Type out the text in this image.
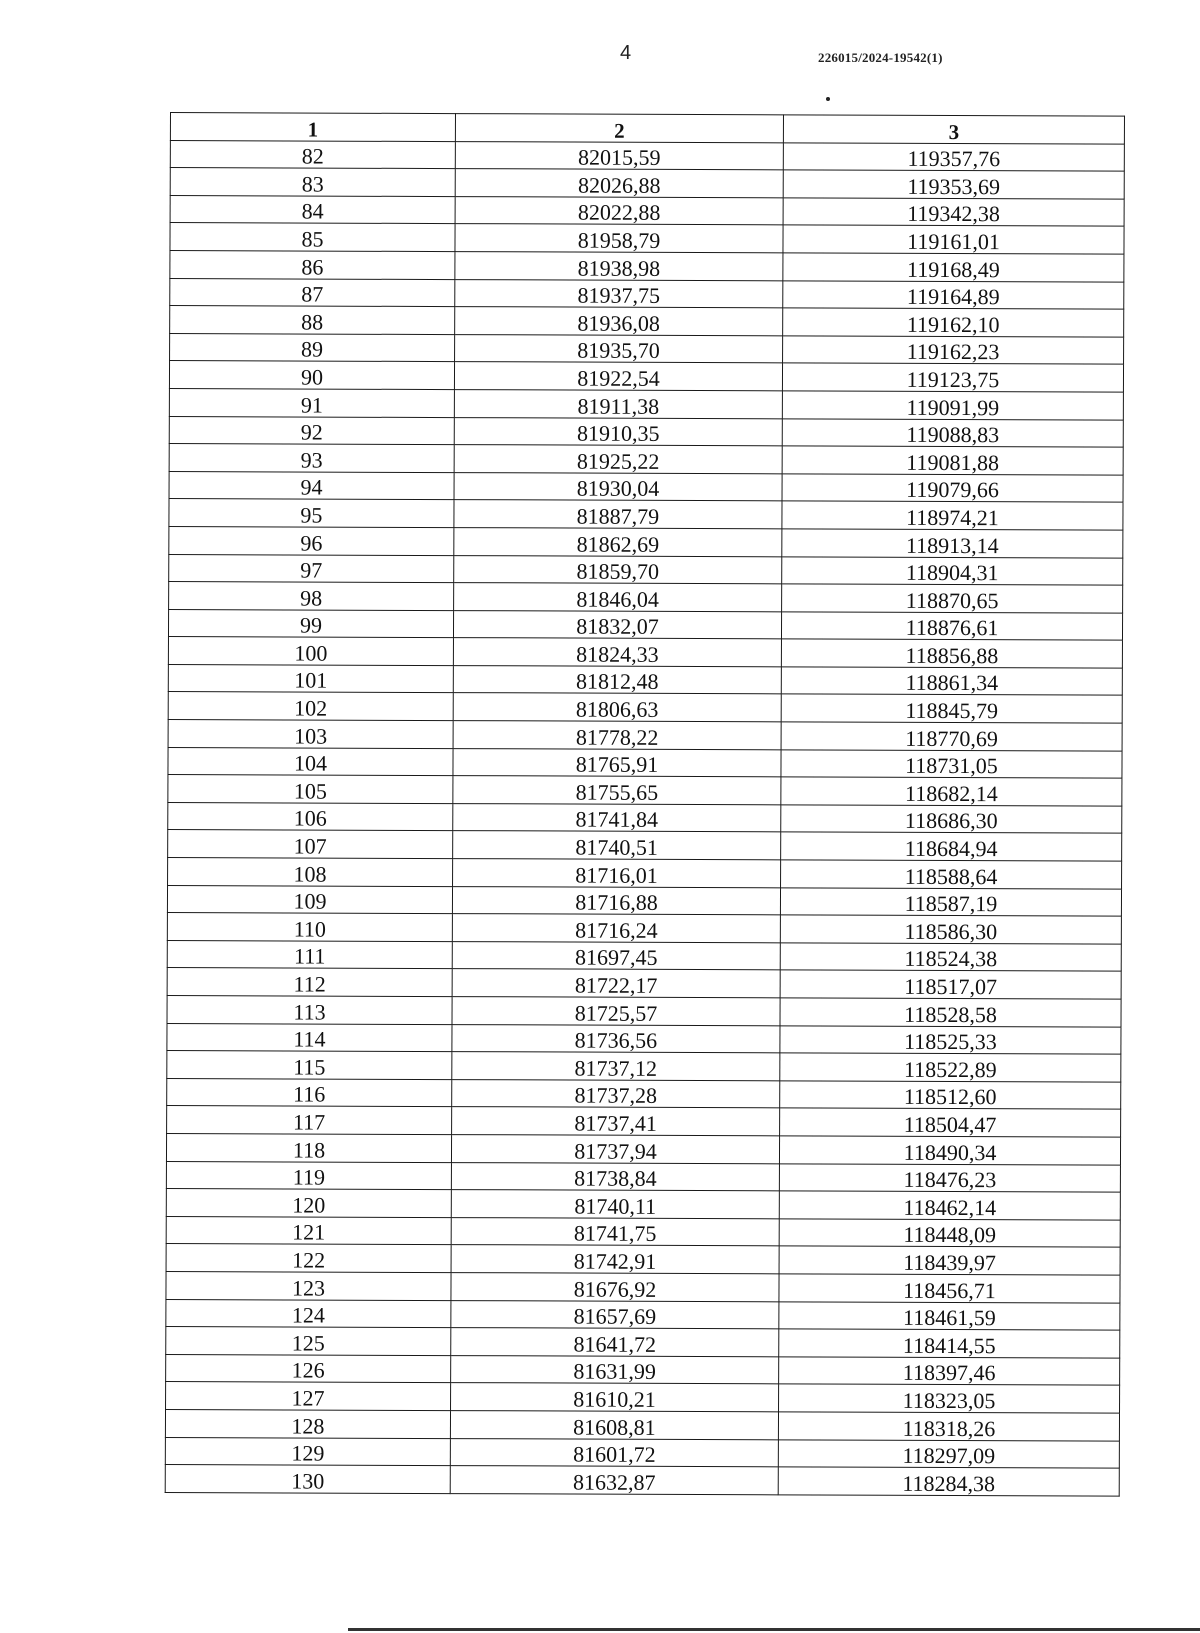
4	226015/2024-19542(1)
1	2	3
82	82015,59	119357,76
83	82026,88	119353,69
84	82022,88	119342,38
85	81958,79	119161,01
86	81938,98	119168,49
87	81937,75	119164,89
88	81936,08	119162,10
89	81935,70	119162,23
90	81922,54	119123,75
91	81911,38	119091,99
92	81910,35	119088,83
93	81925,22	119081,88
94	81930,04	119079,66
95	81887,79	118974,21
96	81862,69	118913,14
97	81859,70	118904,31
98	81846,04	118870,65
99	81832,07	118876,61
100	81824,33	118856,88
101	81812,48	118861,34
102	81806,63	118845,79
103	81778,22	118770,69
104	81765,91	118731,05
105	81755,65	118682,14
106	81741,84	118686,30
107	81740,51	118684,94
108	81716,01	118588,64
109	81716,88	118587,19
110	81716,24	118586,30
111	81697,45	118524,38
112	81722,17	118517,07
113	81725,57	118528,58
114	81736,56	118525,33
115	81737,12	118522,89
116	81737,28	118512,60
117	81737,41	118504,47
118	81737,94	118490,34
119	81738,84	118476,23
120	81740,11	118462,14
121	81741,75	118448,09
122	81742,91	118439,97
123	81676,92	118456,71
124	81657,69	118461,59
125	81641,72	118414,55
126	81631,99	118397,46
127	81610,21	118323,05
128	81608,81	118318,26
129	81601,72	118297,09
130	81632,87	118284,38
